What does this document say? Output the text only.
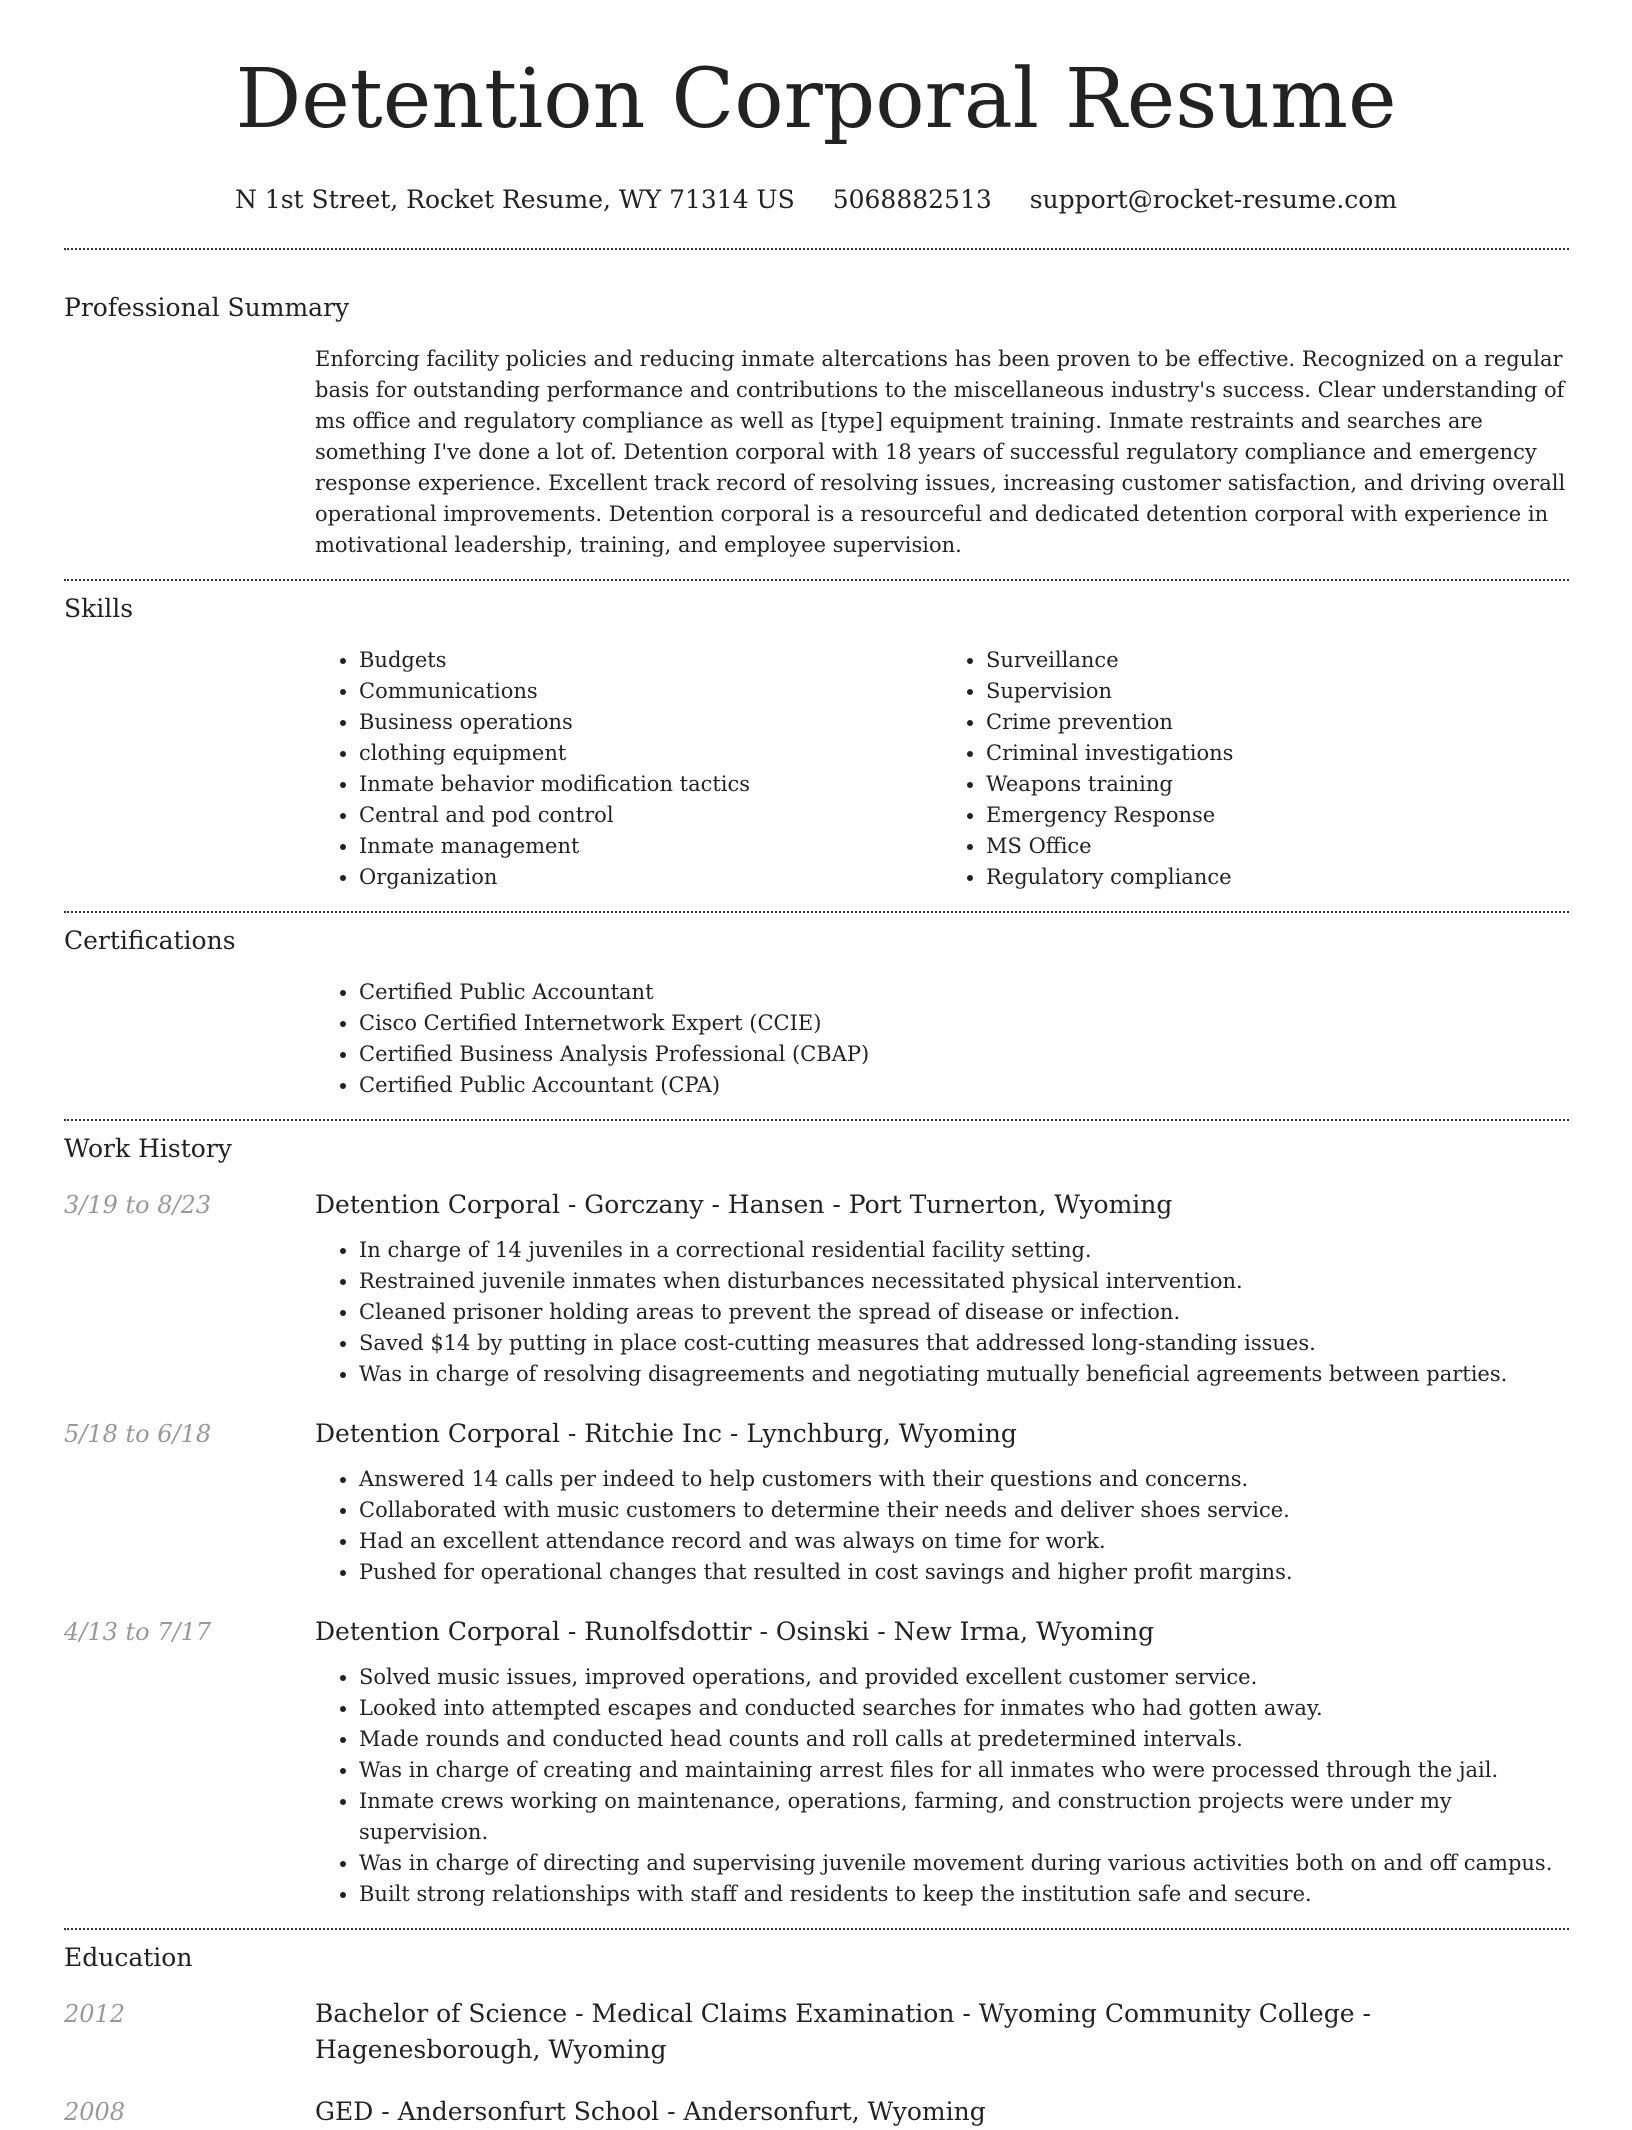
Detention Corporal Resume
N 1st Street, Rocket Resume, WY 71314 US 5068882513 support@rocket-resume.com
Professional Summary
Enforcing facility policies and reducing inmate altercations has been proven to be effective. Recognized on a regular basis for outstanding performance and contributions to the miscellaneous industry's success. Clear understanding of ms office and regulatory compliance as well as [type] equipment training. Inmate restraints and searches are something I've done a lot of. Detention corporal with 18 years of successful regulatory compliance and emergency response experience. Excellent track record of resolving issues, increasing customer satisfaction, and driving overall operational improvements. Detention corporal is a resourceful and dedicated detention corporal with experience in motivational leadership, training, and employee supervision.
Skills
• Budgets
• Communications
• Business operations
• clothing equipment
• Inmate behavior modification tactics
• Central and pod control
• Inmate management
• Organization
• Surveillance
• Supervision
• Crime prevention
• Criminal investigations
• Weapons training
• Emergency Response
• MS Office
• Regulatory compliance
Certifications
• Certified Public Accountant
• Cisco Certified Internetwork Expert (CCIE)
• Certified Business Analysis Professional (CBAP)
• Certified Public Accountant (CPA)
Work History
3/19 to 8/23	Detention Corporal - Gorczany - Hansen - Port Turnerton, Wyoming
• In charge of 14 juveniles in a correctional residential facility setting.
• Restrained juvenile inmates when disturbances necessitated physical intervention.
• Cleaned prisoner holding areas to prevent the spread of disease or infection.
• Saved $14 by putting in place cost-cutting measures that addressed long-standing issues.
• Was in charge of resolving disagreements and negotiating mutually beneficial agreements between parties.
5/18 to 6/18	Detention Corporal - Ritchie Inc - Lynchburg, Wyoming
• Answered 14 calls per indeed to help customers with their questions and concerns.
• Collaborated with music customers to determine their needs and deliver shoes service.
• Had an excellent attendance record and was always on time for work.
• Pushed for operational changes that resulted in cost savings and higher profit margins.
4/13 to 7/17	Detention Corporal - Runolfsdottir - Osinski - New Irma, Wyoming
• Solved music issues, improved operations, and provided excellent customer service.
• Looked into attempted escapes and conducted searches for inmates who had gotten away.
• Made rounds and conducted head counts and roll calls at predetermined intervals.
• Was in charge of creating and maintaining arrest files for all inmates who were processed through the jail.
• Inmate crews working on maintenance, operations, farming, and construction projects were under my supervision.
• Was in charge of directing and supervising juvenile movement during various activities both on and off campus.
• Built strong relationships with staff and residents to keep the institution safe and secure.
Education
2012	Bachelor of Science - Medical Claims Examination - Wyoming Community College - Hagenesborough, Wyoming
2008	GED - Andersonfurt School - Andersonfurt, Wyoming
